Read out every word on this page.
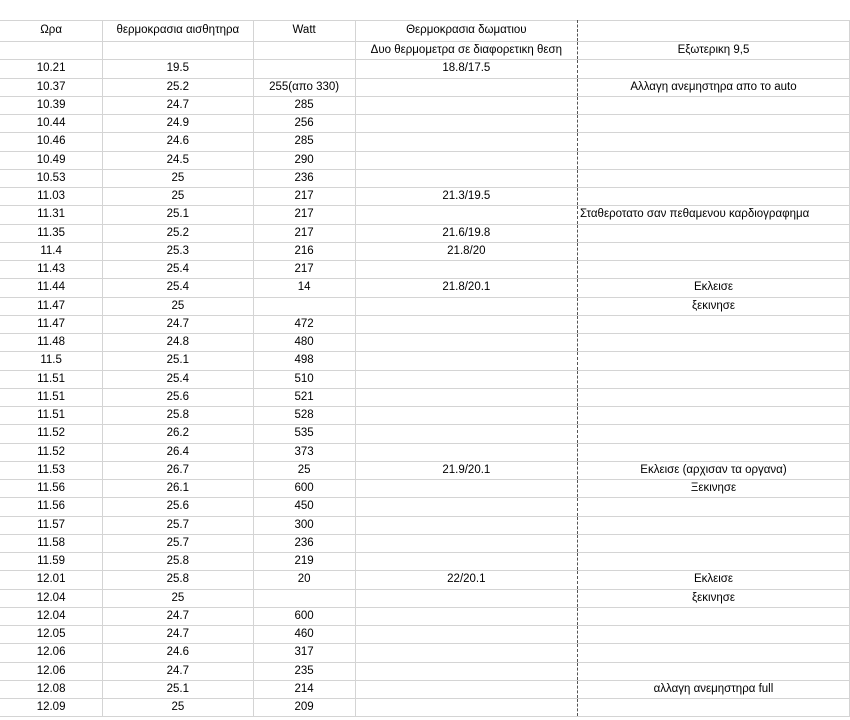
Ωρα	θερμοκρασια αισθητηρα	Watt	Θερμοκρασια δωματιου	
			Δυο θερμομετρα σε διαφορετικη θεση	Εξωτερικη 9,5
10.21	19.5		18.8/17.5	
10.37	25.2	255(απο 330)		Αλλαγη ανεμηστηρα απο το auto
10.39	24.7	285		
10.44	24.9	256		
10.46	24.6	285		
10.49	24.5	290		
10.53	25	236		
11.03	25	217	21.3/19.5	
11.31	25.1	217		Σταθεροτατο σαν πεθαμενου καρδιογραφημα
11.35	25.2	217	21.6/19.8	
11.4	25.3	216	21.8/20	
11.43	25.4	217		
11.44	25.4	14	21.8/20.1	Εκλεισε
11.47	25			ξεκινησε
11.47	24.7	472		
11.48	24.8	480		
11.5	25.1	498		
11.51	25.4	510		
11.51	25.6	521		
11.51	25.8	528		
11.52	26.2	535		
11.52	26.4	373		
11.53	26.7	25	21.9/20.1	Εκλεισε (αρχισαν τα οργανα)
11.56	26.1	600		Ξεκινησε
11.56	25.6	450		
11.57	25.7	300		
11.58	25.7	236		
11.59	25.8	219		
12.01	25.8	20	22/20.1	Εκλεισε
12.04	25			ξεκινησε
12.04	24.7	600		
12.05	24.7	460		
12.06	24.6	317		
12.06	24.7	235		
12.08	25.1	214		αλλαγη ανεμηστηρα full
12.09	25	209		
